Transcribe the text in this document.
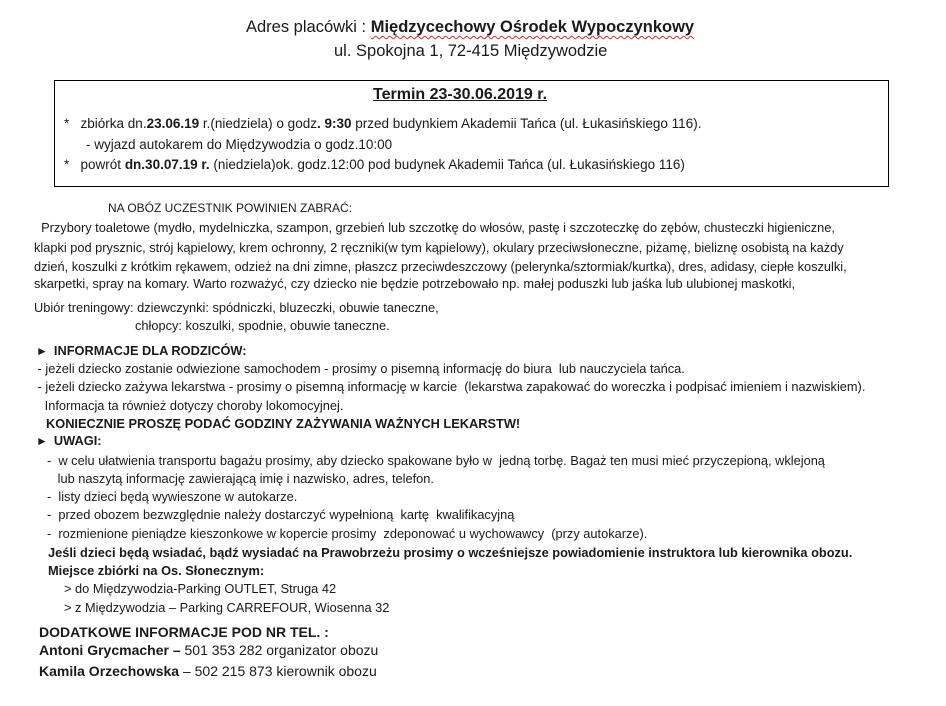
Adres placówki : Międzycechowy Ośrodek Wypoczynkowy
ul. Spokojna 1, 72-415 Międzywodzie
Termin 23-30.06.2019 r.
* zbiórka dn.23.06.19 r.(niedziela) o godz. 9:30 przed budynkiem Akademii Tańca (ul. Łukasińskiego 116).
- wyjazd autokarem do Międzywodzia o godz.10:00
* powrót dn.30.07.19 r. (niedziela)ok. godz.12:00 pod budynek Akademii Tańca (ul. Łukasińskiego 116)
NA OBÓZ UCZESTNIK POWINIEN ZABRAĆ:
Przybory toaletowe (mydło, mydelniczka, szampon, grzebień lub szczotkę do włosów, pastę i szczoteczkę do zębów, chusteczki higieniczne,
klapki pod prysznic, strój kąpielowy, krem ochronny, 2 ręczniki(w tym kąpielowy), okulary przeciwsłoneczne, piżamę, bieliznę osobistą na każdy
dzień, koszulki z krótkim rękawem, odzież na dni zimne, płaszcz przeciwdeszczowy (pelerynka/sztormiak/kurtka), dres, adidasy, ciepłe koszulki,
skarpetki, spray na komary. Warto rozważyć, czy dziecko nie będzie potrzebowało np. małej poduszki lub jaśka lub ulubionej maskotki,
Ubiór treningowy: dziewczynki: spódniczki, bluzeczki, obuwie taneczne,
chłopcy: koszulki, spodnie, obuwie taneczne.
► INFORMACJE DLA RODZICÓW:
- jeżeli dziecko zostanie odwiezione samochodem - prosimy o pisemną informację do biura  lub nauczyciela tańca.
- jeżeli dziecko zażywa lekarstwa - prosimy o pisemną informację w karcie  (lekarstwa zapakować do woreczka i podpisać imieniem i nazwiskiem).
Informacja ta również dotyczy choroby lokomocyjnej.
KONIECZNIE PROSZĘ PODAĆ GODZINY ZAŻYWANIA WAŻNYCH LEKARSTW!
► UWAGI:
-  w celu ułatwienia transportu bagażu prosimy, aby dziecko spakowane było w  jedną torbę. Bagaż ten musi mieć przyczepioną, wklejoną
lub naszytą informację zawierającą imię i nazwisko, adres, telefon.
-  listy dzieci będą wywieszone w autokarze.
-  przed obozem bezwzględnie należy dostarczyć wypełnioną  kartę  kwalifikacyjną
-  rozmienione pieniądze kieszonkowe w kopercie prosimy  zdeponować u wychowawcy  (przy autokarze).
Jeśli dzieci będą wsiadać, bądź wysiadać na Prawobrzeżu prosimy o wcześniejsze powiadomienie instruktora lub kierownika obozu.
Miejsce zbiórki na Os. Słonecznym:
> do Międzywodzia-Parking OUTLET, Struga 42
> z Międzywodzia – Parking CARREFOUR, Wiosenna 32
DODATKOWE INFORMACJE POD NR TEL. :
Antoni Grycmacher – 501 353 282 organizator obozu
Kamila Orzechowska – 502 215 873 kierownik obozu
